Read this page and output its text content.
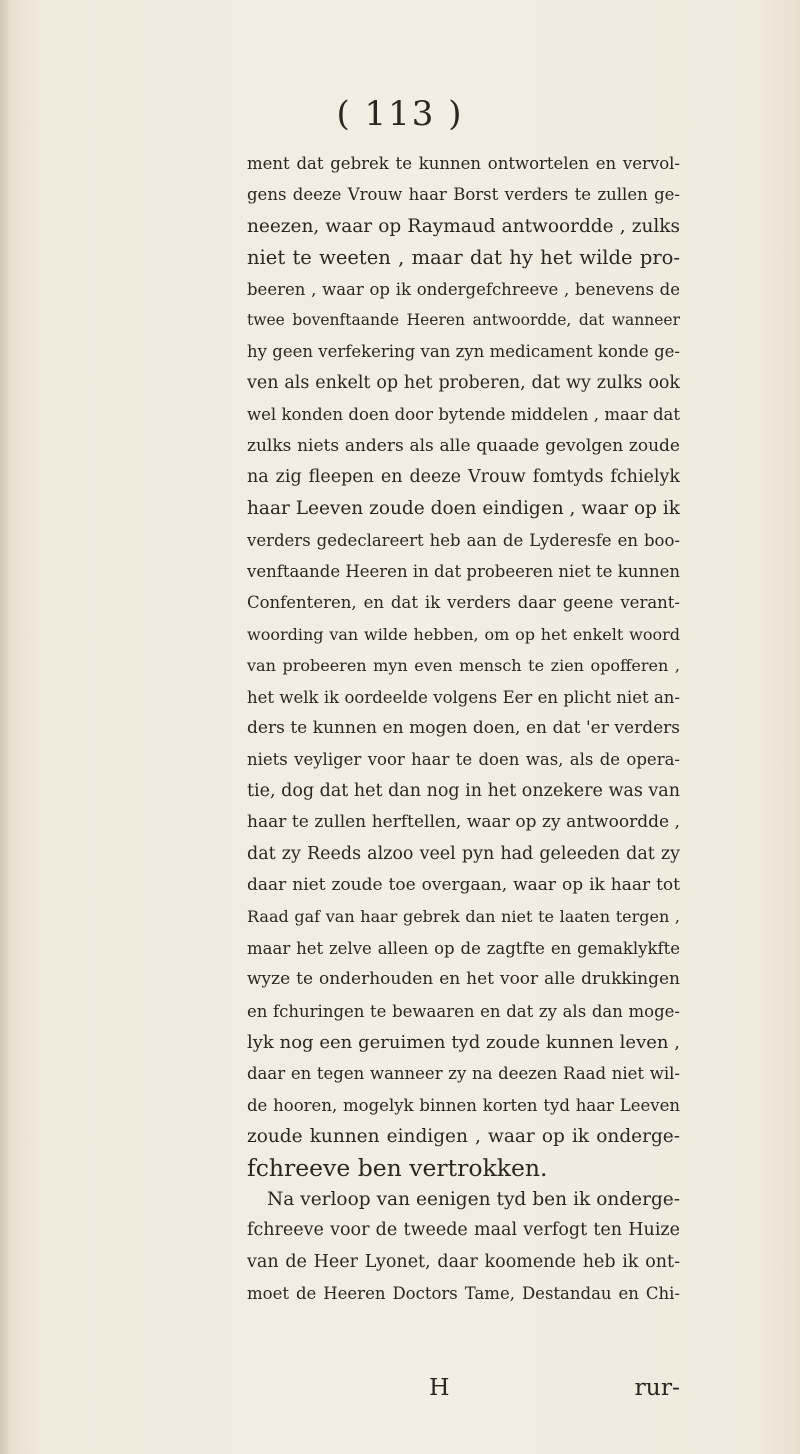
( 113 )
ment dat gebrek te kunnen ontwortelen en vervol-
gens deeze Vrouw haar Borst verders te zullen ge-
neezen, waar op Raymaud antwoordde , zulks
niet te weeten , maar dat hy het wilde pro-
beeren , waar op ik ondergefchreeve , benevens de
twee bovenftaande Heeren antwoordde, dat wanneer
hy geen verfekering van zyn medicament konde ge-
ven als enkelt op het proberen, dat wy zulks ook
wel konden doen door bytende middelen , maar dat
zulks niets anders als alle quaade gevolgen zoude
na zig fleepen en deeze Vrouw fomtyds fchielyk
haar Leeven zoude doen eindigen , waar op ik
verders gedeclareert heb aan de Lyderesfe en boo-
venftaande Heeren in dat probeeren niet te kunnen
Confenteren, en dat ik verders daar geene verant-
woording van wilde hebben, om op het enkelt woord
van probeeren myn even mensch te zien opofferen ,
het welk ik oordeelde volgens Eer en plicht niet an-
ders te kunnen en mogen doen, en dat 'er verders
niets veyliger voor haar te doen was, als de opera-
tie, dog dat het dan nog in het onzekere was van
haar te zullen herftellen, waar op zy antwoordde ,
dat zy Reeds alzoo veel pyn had geleeden dat zy
daar niet zoude toe overgaan, waar op ik haar tot
Raad gaf van haar gebrek dan niet te laaten tergen ,
maar het zelve alleen op de zagtfte en gemaklykfte
wyze te onderhouden en het voor alle drukkingen
en fchuringen te bewaaren en dat zy als dan moge-
lyk nog een geruimen tyd zoude kunnen leven ,
daar en tegen wanneer zy na deezen Raad niet wil-
de hooren, mogelyk binnen korten tyd haar Leeven
zoude kunnen eindigen , waar op ik onderge-
fchreeve ben vertrokken.
Na verloop van eenigen tyd ben ik onderge-
fchreeve voor de tweede maal verfogt ten Huize
van de Heer Lyonet, daar koomende heb ik ont-
moet de Heeren Doctors Tame, Destandau en Chi-
H	rur-
